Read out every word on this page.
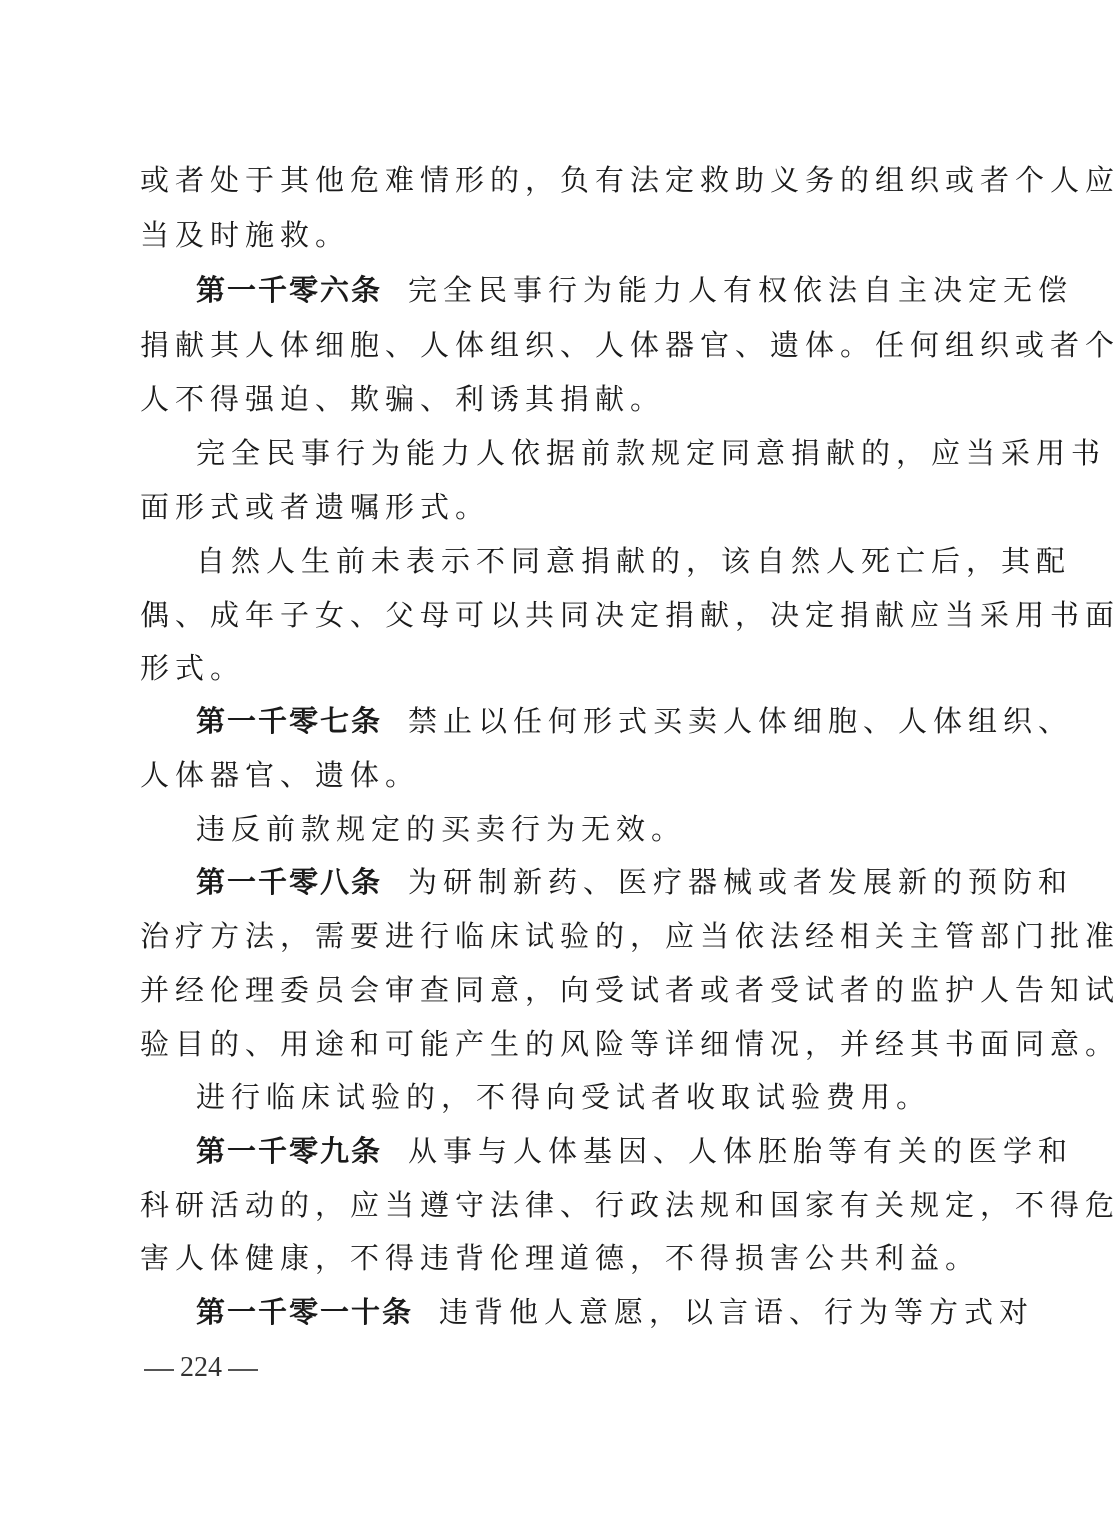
或者处于其他危难情形的，负有法定救助义务的组织或者个人应
当及时施救。
第一千零六条 完全民事行为能力人有权依法自主决定无偿
捐献其人体细胞、人体组织、人体器官、遗体。任何组织或者个
人不得强迫、欺骗、利诱其捐献。
完全民事行为能力人依据前款规定同意捐献的，应当采用书
面形式或者遗嘱形式。
自然人生前未表示不同意捐献的，该自然人死亡后，其配
偶、成年子女、父母可以共同决定捐献，决定捐献应当采用书面
形式。
第一千零七条 禁止以任何形式买卖人体细胞、人体组织、
人体器官、遗体。
违反前款规定的买卖行为无效。
第一千零八条 为研制新药、医疗器械或者发展新的预防和
治疗方法，需要进行临床试验的，应当依法经相关主管部门批准
并经伦理委员会审查同意，向受试者或者受试者的监护人告知试
验目的、用途和可能产生的风险等详细情况，并经其书面同意。
进行临床试验的，不得向受试者收取试验费用。
第一千零九条 从事与人体基因、人体胚胎等有关的医学和
科研活动的，应当遵守法律、行政法规和国家有关规定，不得危
害人体健康，不得违背伦理道德，不得损害公共利益。
第一千零一十条 违背他人意愿，以言语、行为等方式对
224
